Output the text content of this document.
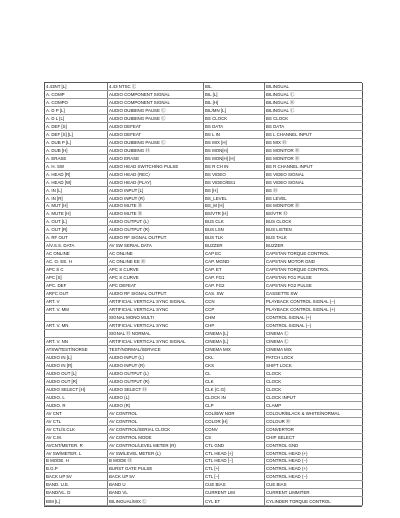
4.43NT [L]	4.43 NTSC Ⓛ	BIL	BILINGUAL
A. COMP	AUDIO COMPONENT SIGNAL	BIL [L]	BILINGUAL Ⓛ
A. COMPO	AUDIO COMPONENT SIGNAL	BIL [H]	BILINGUAL Ⓗ
A. D P [L]	AUDIO DUBBING PAUSE Ⓛ	BIL/MN [L]	BILINGUAL Ⓛ
A. D L [L]	AUDIO DUBBING PAUSE Ⓛ	BS CLOCK	BS CLOCK
A. DEF [S]	AUDIO DEFEAT	BS DATA	BS DATA
A. DEF [S] [L]	AUDIO DEFEAT	BS L IN	BS L CHANNEL INPUT
A. DUB P [L]	AUDIO DUBBING PAUSE Ⓛ	BS MIX [H]	BS MIX Ⓗ
A. DUB [H]	AUDIO DUBBING Ⓗ	BS MON[H]	BS MONITOR Ⓗ
A. ERASE	AUDIO ERASE	BS MON[H] [H]	BS MONITOR Ⓗ
A. H. SW	AUDIO HEAD SWITCHING PULSE	BS R CH IN	BS R CHANNEL INPUT
A. HEAD [R]	AUDIO HEAD (REC)	BS VIDEO	BS VIDEO SIGNAL
A. HEAD [W]	AUDIO HEAD (PLAY)	BS VIDEO/BS1	BS VIDEO SIGNAL
A. IN [L]	AUDIO INPUT [L]	BS [H]	BS Ⓗ
A. IN [R]	AUDIO INPUT (R)	BS_LEVEL	BS LEVEL
A. MUT [H]	AUDIO MUTE Ⓗ	BS_M [H]	BS MONITOR Ⓗ
A. MUTE [H]	AUDIO MUTE Ⓗ	BS/VTR [H]	BS/VTR Ⓗ
A. OUT [L]	AUDIO OUTPUT (L)	BUS CLK	BUS CLOCK
A. OUT [R]	AUDIO OUTPUT (R)	BUS LSN	BUS LISTEN
A. RF OUT	AUDIO RF SIGNAL OUTPUT	BUS TLK	BUS TALK
A/V.S.S. DATA	AV SW SERIAL DATA	BUZZER	BUZZER
AC ONLINE	AC ONLINE	CAP EC	CAPSTAN TORQUE CONTROL
AC. O. EE. H	AC ONLINE EE Ⓗ	CAP. MGND	CAPSTAN MOTOR GND
APC S C	APC S CURVE	CAP. ET	CAPSTAN TORQUE CONTROL
APC [S]	APC S CURVE	CAP. FG1	CAPSTAN FG1 PULSE
APC. DEF	APC DEFEAT	CAP. FG2	CAPSTAN FG2 PULSE
ARFC OUT	AUDIO RF SIGNAL OUTPUT	CAS. SW	CASSETTE SW
ART. V	ARTIFICIAL VERTICAL SYNC SIGNAL	CCN	PLAYBACK CONTROL SIGNAL (−)
ART. V. MM	ARTIFICIAL VERTICAL SYNC	CCP	PLAYBACK CONTROL SIGNAL (+)
	SIGNAL MONO MULTI	CHM	CONTROL SIGNAL (+)
ART. V. MN	ARTIFICIAL VERTICAL SYNC	CHP	CONTROL SIGNAL (−)
	SIGNAL Ⓗ NORMAL	CINEMA [L]	CINEMA Ⓛ
ART. V. NN	ARTIFICIAL VERTICAL SYNC SIGNAL	CINEMA [L]	CINEMA Ⓛ
ATSW/TEST/NORSE	TEST/NORMAL/SERVICE	CINEMA MIX	CINEMA MIX
AUDIO IN [L]	AUDIO INPUT (L)	CKL	PATCH LOCK
AUDIO IN [R]	AUDIO INPUT (R)	CKS	SHIFT LOCK
AUDIO OUT [L]	AUDIO OUTPUT (L)	CL	CLOCK
AUDIO OUT [R]	AUDIO OUTPUT (R)	CLK	CLOCK
AUDIO SELECT [H]	AUDIO SELECT Ⓗ	CLK (C.G)	CLOCK
AUDIO. L	AUDIO (L)	CLOCK IN	CLOCK INPUT
AUDIO. R	AUDIO (R)	CLP	CLAMP
AV CNT	AV CONTROL	COL/B/W NOR	COLOUR/BLACK & WHITE/NORMAL
AV CTL	AV CONTROL	COLOR [H]	COLOUR Ⓗ
AV CTL/S.CLK	AV CONTROL/SERIAL CLOCK	CONV	CONVERTOR
AV C.M.	AV CONTROL MODE	CS	CHIP SELECT
AVCNT/METER. R	AV CONTROL/LEVEL METER (R)	CTL GND	CONTROL GND
AV SW/METER. L	AV SW/LEVEL METER (L)	CTL HEAD [+]	CONTROL HEAD (+)
B MODE. H	B MODE Ⓗ	CTL HEAD [−]	CONTROL HEAD (−)
B.G.P	BURST GATE PULSE	CTL [+]	CONTROL HEAD (+)
BACK UP 5V	BACK UP 5V	CTL [−]	CONTROL HEAD (−)
BAND. U.E.	BAND U	CUE BIAS	CUE BIAS
BAND/VL. D	BAND VL	CURRENT LIM	CURRENT LIMMITER
BIM [L]	BILINGUAL/MIX Ⓛ	CYL ET	CYLINDER TORQUE CONTROL
